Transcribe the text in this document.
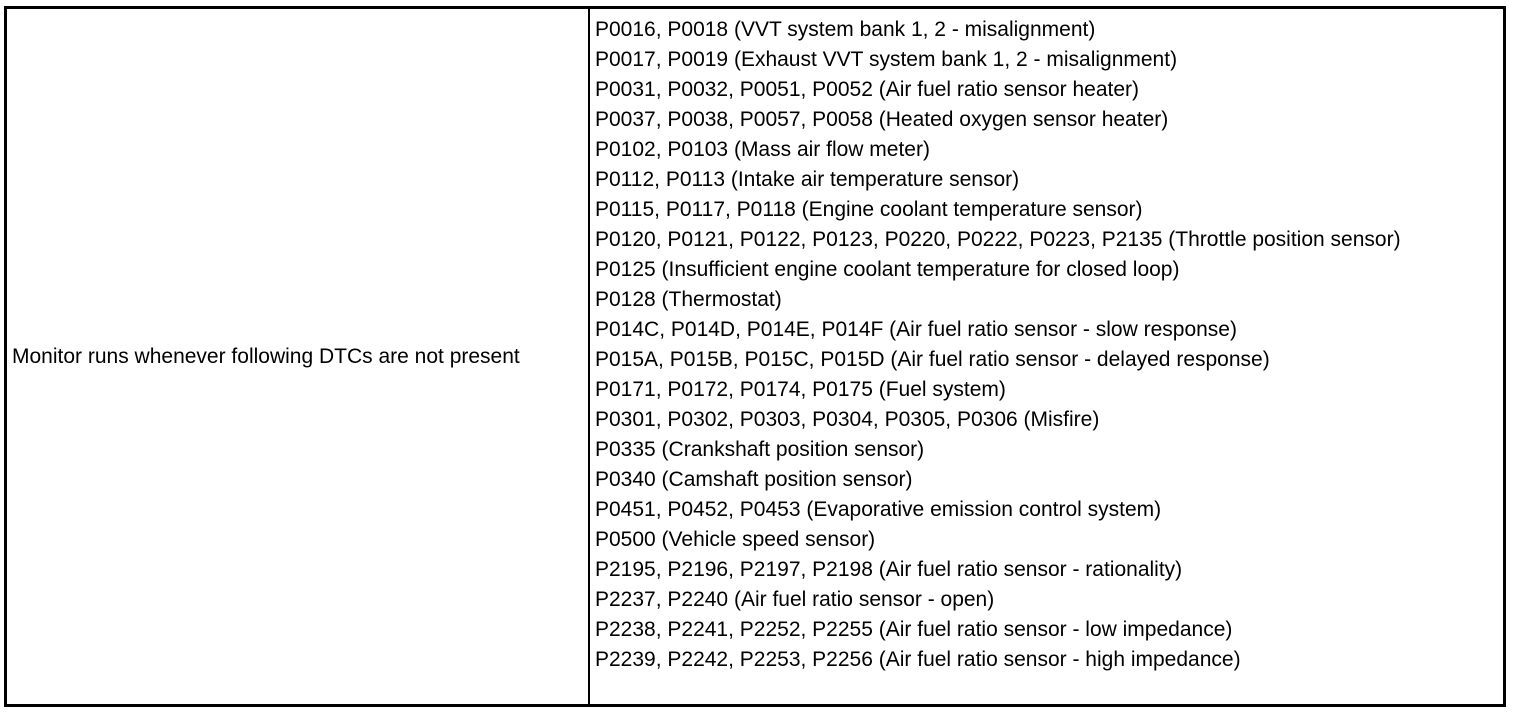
Monitor runs whenever following DTCs are not present
P0016, P0018 (VVT system bank 1, 2 - misalignment)
P0017, P0019 (Exhaust VVT system bank 1, 2 - misalignment)
P0031, P0032, P0051, P0052 (Air fuel ratio sensor heater)
P0037, P0038, P0057, P0058 (Heated oxygen sensor heater)
P0102, P0103 (Mass air flow meter)
P0112, P0113 (Intake air temperature sensor)
P0115, P0117, P0118 (Engine coolant temperature sensor)
P0120, P0121, P0122, P0123, P0220, P0222, P0223, P2135 (Throttle position sensor)
P0125 (Insufficient engine coolant temperature for closed loop)
P0128 (Thermostat)
P014C, P014D, P014E, P014F (Air fuel ratio sensor - slow response)
P015A, P015B, P015C, P015D (Air fuel ratio sensor - delayed response)
P0171, P0172, P0174, P0175 (Fuel system)
P0301, P0302, P0303, P0304, P0305, P0306 (Misfire)
P0335 (Crankshaft position sensor)
P0340 (Camshaft position sensor)
P0451, P0452, P0453 (Evaporative emission control system)
P0500 (Vehicle speed sensor)
P2195, P2196, P2197, P2198 (Air fuel ratio sensor - rationality)
P2237, P2240 (Air fuel ratio sensor - open)
P2238, P2241, P2252, P2255 (Air fuel ratio sensor - low impedance)
P2239, P2242, P2253, P2256 (Air fuel ratio sensor - high impedance)
